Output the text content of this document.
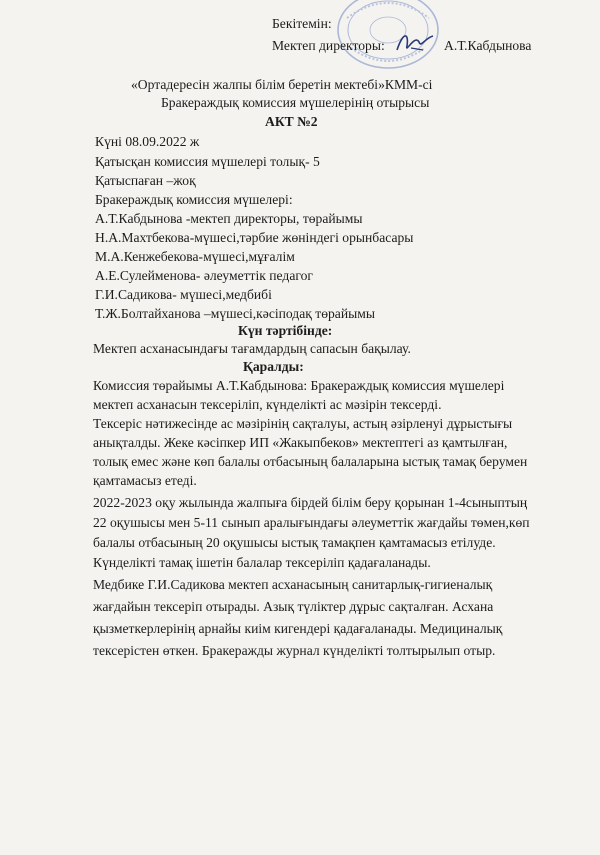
Бекітемін:
Мектеп директоры:	А.Т.Кабдынова
«Ортадересін жалпы білім беретін мектебі»КММ-сі
Бракераждық комиссия мүшелерінің отырысы
АКТ №2
Күні 08.09.2022 ж
Қатысқан комиссия мүшелері толық- 5
Қатыспаған –жоқ
Бракераждық комиссия мүшелері:
А.Т.Кабдынова -мектеп директоры, төрайымы
Н.А.Махтбекова-мүшесі,тәрбие жөніндегі орынбасары
М.А.Кенжебекова-мүшесі,мұғалім
А.Е.Сулейменова- әлеуметтік педагог
Г.И.Садикова- мүшесі,медбибі
Т.Ж.Болтайханова –мүшесі,кәсіподақ төрайымы
Күн тәртібінде:
Мектеп асханасындағы тағамдардың сапасын бақылау.
Қаралды:
Комиссия төрайымы А.Т.Кабдынова: Бракераждық комиссия мүшелері
мектеп асханасын тексеріліп, күнделікті ас мәзірін тексерді.
Тексеріс нәтижесінде ас мәзірінің сақталуы, астың әзірленуі дұрыстығы
анықталды. Жеке кәсіпкер ИП «Жакыпбеков» мектептегі аз қамтылған,
толық емес және көп балалы отбасының балаларына ыстық тамақ берумен
қамтамасыз етеді.
2022-2023 оқу жылында жалпыға бірдей білім беру қорынан 1-4сыныптың
22 оқушысы мен 5-11 сынып аралығындағы әлеуметтік жағдайы төмен,көп
балалы отбасының 20 оқушысы ыстық тамақпен қамтамасыз етілуде.
Күнделікті тамақ ішетін балалар тексеріліп қадағаланады.
Медбике Г.И.Садикова мектеп асханасының санитарлық-гигиеналық
жағдайын тексеріп отырады. Азық түліктер дұрыс сақталған. Асхана
қызметкерлерінің арнайы киім кигендері қадағаланады. Медициналық
тексерістен өткен. Бракеражды журнал күнделікті толтырылып отыр.
